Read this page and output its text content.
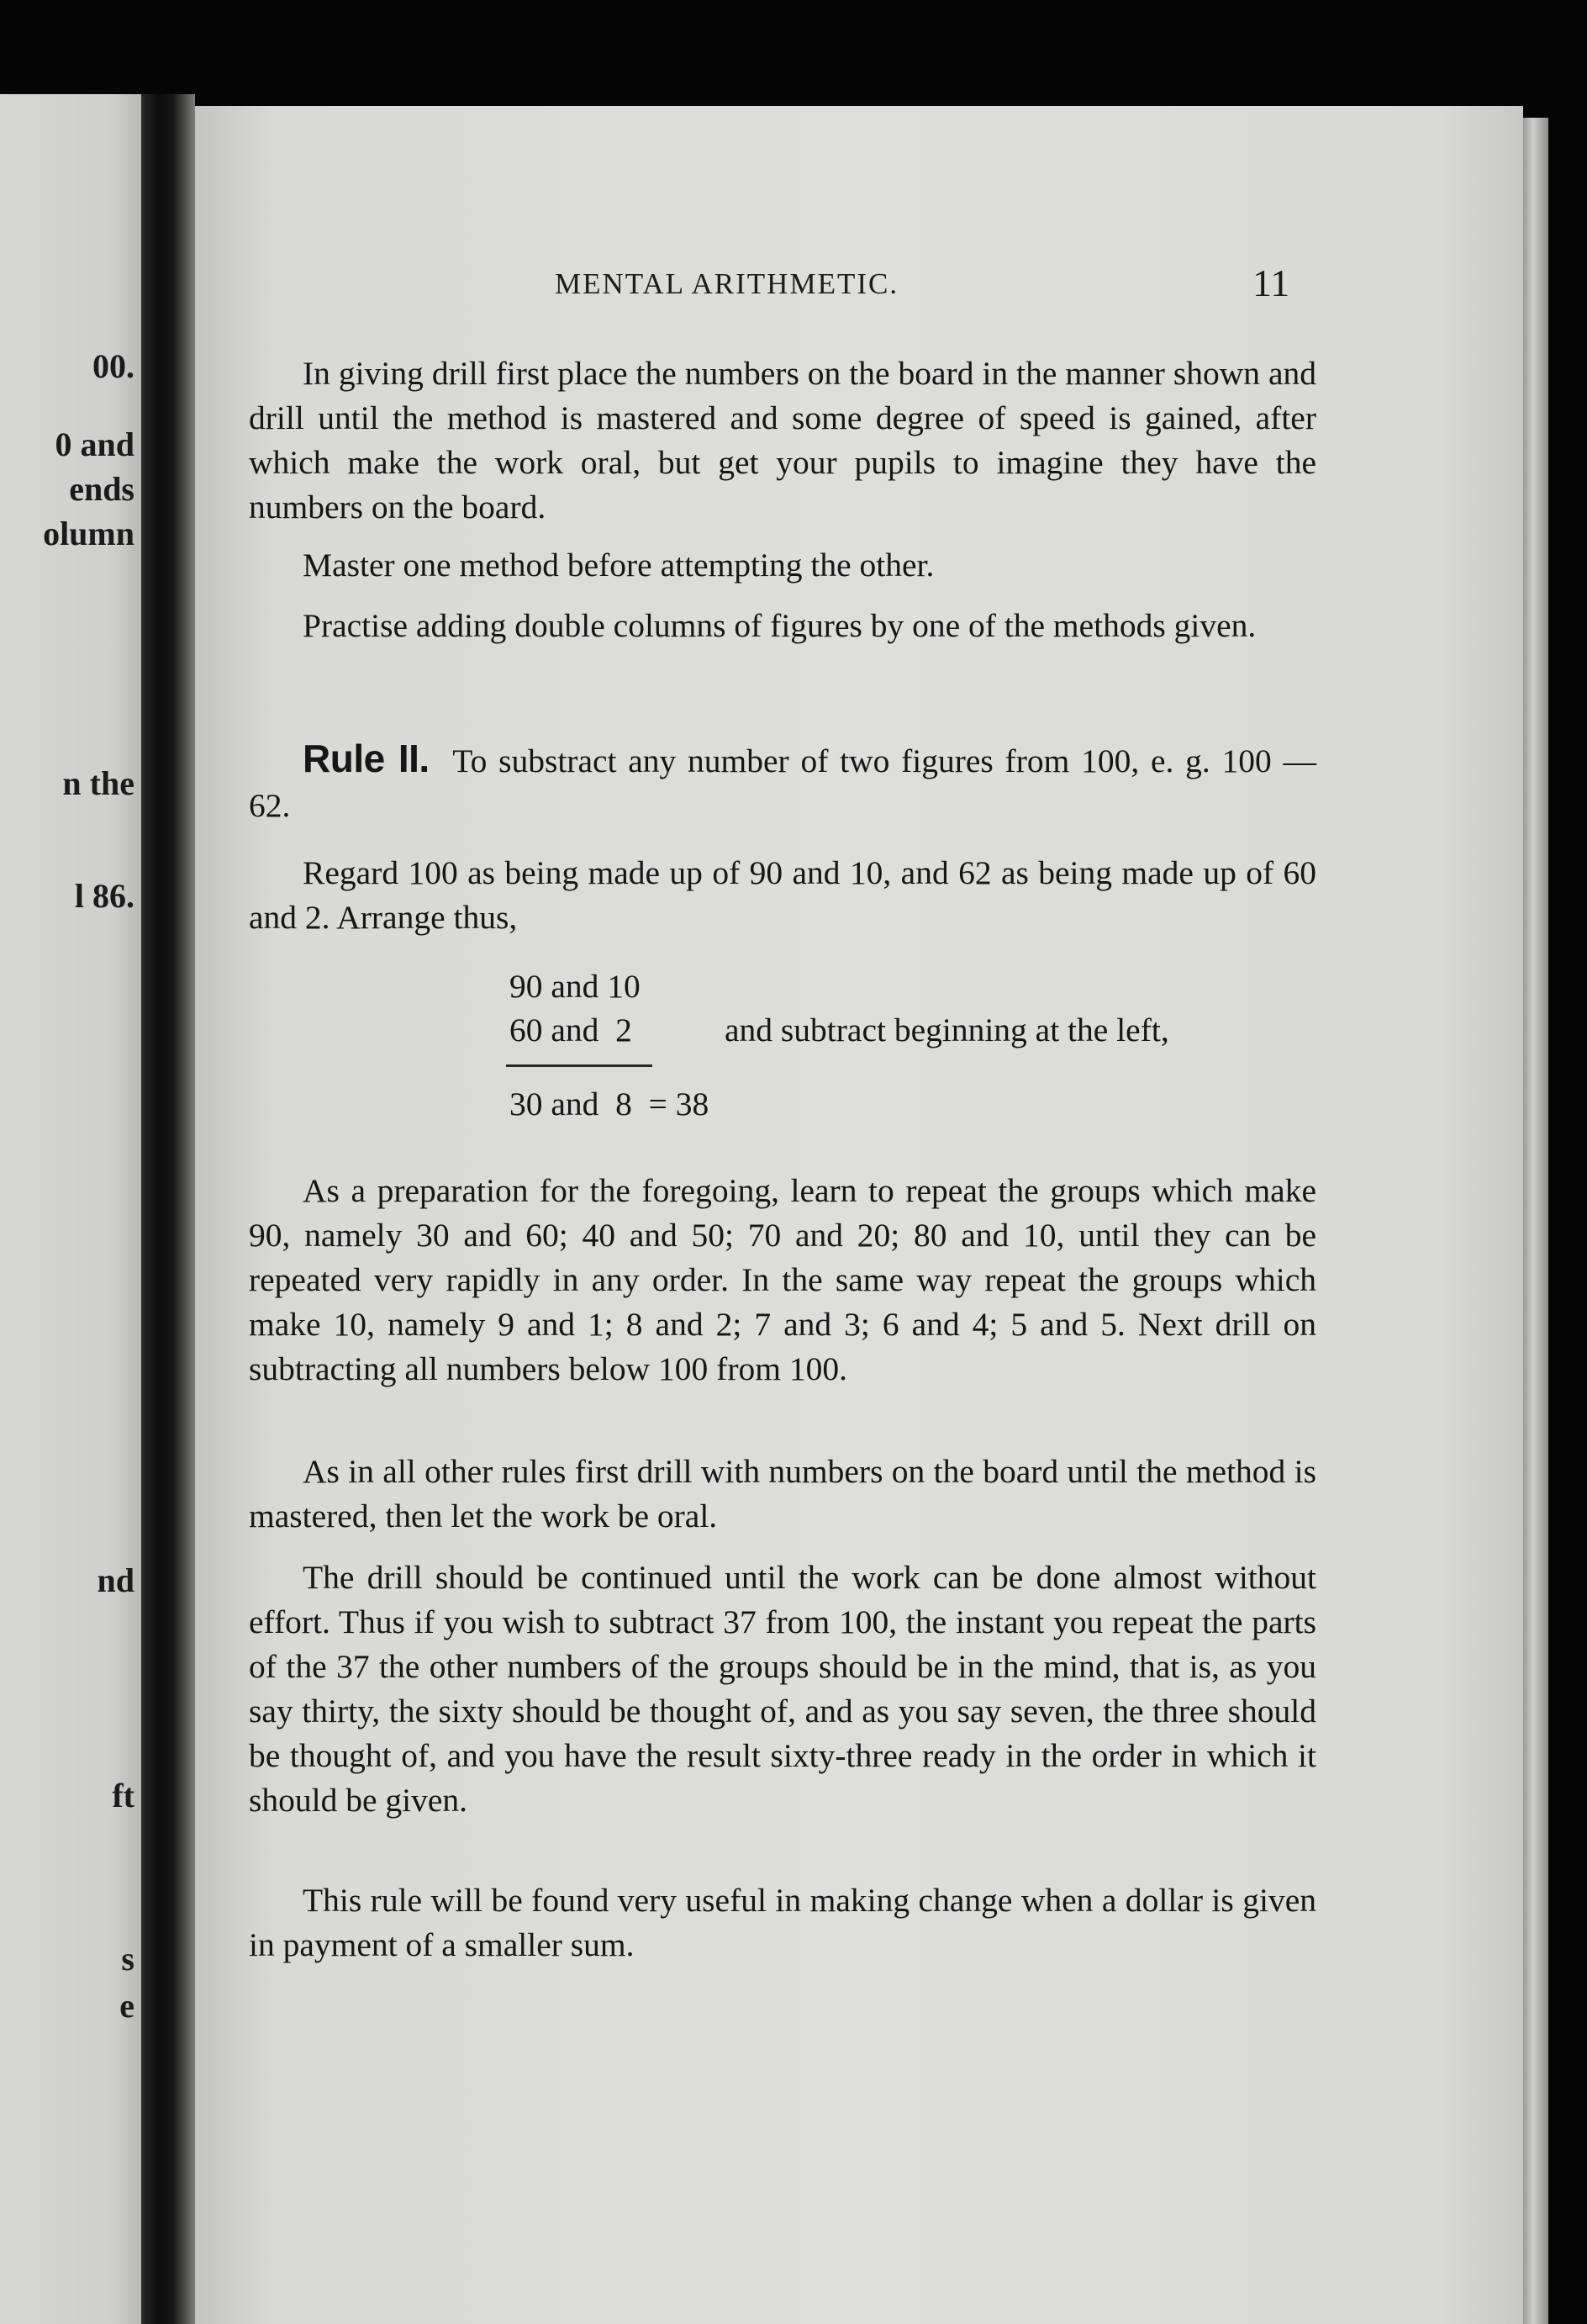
00.
0 and
ends
olumn
n the
l 86.
nd
ft
s
e
MENTAL ARITHMETIC.	11

In giving drill first place the numbers on the board in the manner shown and drill until the method is mastered and some degree of speed is gained, after which make the work oral, but get your pupils to imagine they have the numbers on the board.

Master one method before attempting the other.

Practise adding double columns of figures by one of the methods given.

Rule II. To substract any number of two figures from 100, e. g. 100 — 62.

Regard 100 as being made up of 90 and 10, and 62 as being made up of 60 and 2. Arrange thus,

90 and 10
60 and  2	and subtract beginning at the left,
30 and  8  = 38

As a preparation for the foregoing, learn to repeat the groups which make 90, namely 30 and 60; 40 and 50; 70 and 20; 80 and 10, until they can be repeated very rapidly in any order. In the same way repeat the groups which make 10, namely 9 and 1; 8 and 2; 7 and 3; 6 and 4; 5 and 5. Next drill on subtracting all numbers below 100 from 100.

As in all other rules first drill with numbers on the board until the method is mastered, then let the work be oral.

The drill should be continued until the work can be done almost without effort. Thus if you wish to subtract 37 from 100, the instant you repeat the parts of the 37 the other numbers of the groups should be in the mind, that is, as you say thirty, the sixty should be thought of, and as you say seven, the three should be thought of, and you have the result sixty-three ready in the order in which it should be given.

This rule will be found very useful in making change when a dollar is given in payment of a smaller sum.
